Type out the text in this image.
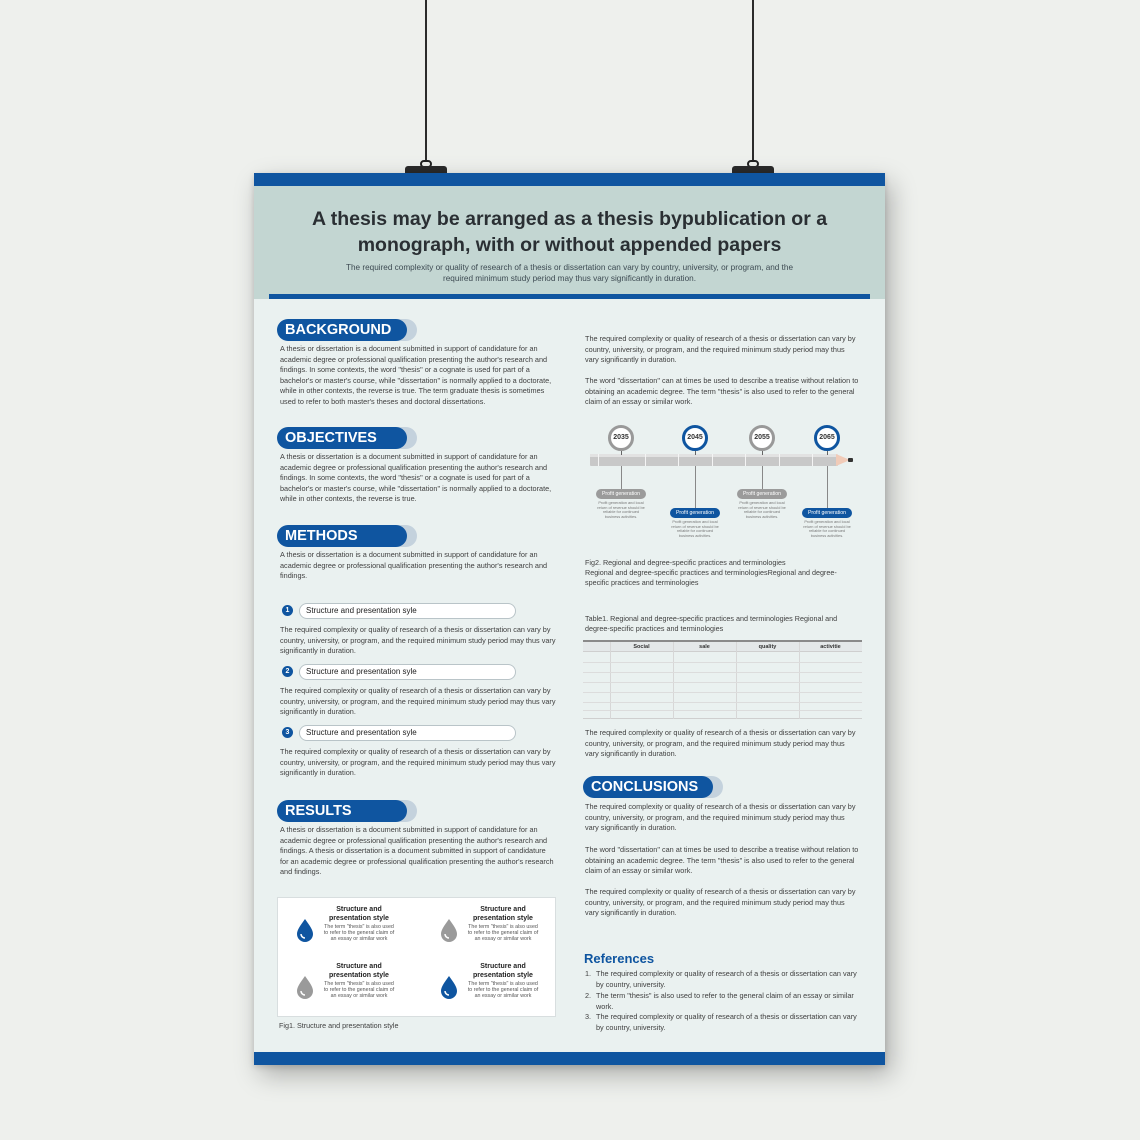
A thesis may be arranged as a thesis bypublication or a monograph, with or without appended papers
The required complexity or quality of research of a thesis or dissertation can vary by country, university, or program, and the required minimum study period may thus vary significantly in duration.
BACKGROUND
A thesis or dissertation is a document submitted in support of candidature for an academic degree or professional qualification presenting the author's research and findings. In some contexts, the word "thesis" or a cognate is used for part of a bachelor's or master's course, while "dissertation" is normally applied to a doctorate, while in other contexts, the reverse is true. The term graduate thesis is sometimes used to refer to both master's theses and doctoral dissertations.
OBJECTIVES
A thesis or dissertation is a document submitted in support of candidature for an academic degree or professional qualification presenting the author's research and findings. In some contexts, the word "thesis" or a cognate is used for part of a bachelor's or master's course, while "dissertation" is normally applied to a doctorate, while in other contexts, the reverse is true.
METHODS
A thesis or dissertation is a document submitted in support of candidature for an academic degree or professional qualification presenting the author's research and findings.
1	Structure and presentation syle
The required complexity or quality of research of a thesis or dissertation can vary by country, university, or program, and the required minimum study period may thus vary significantly in duration.
2	Structure and presentation syle
The required complexity or quality of research of a thesis or dissertation can vary by country, university, or program, and the required minimum study period may thus vary significantly in duration.
3	Structure and presentation syle
The required complexity or quality of research of a thesis or dissertation can vary by country, university, or program, and the required minimum study period may thus vary significantly in duration.
RESULTS
A thesis or dissertation is a document submitted in support of candidature for an academic degree or professional qualification presenting the author's research and findings. A thesis or dissertation is a document submitted in support of candidature for an academic degree or professional qualification presenting the author's research and findings.
Structure and presentation style
The term "thesis" is also used to refer to the general claim of an essay or similar work
Structure and presentation style
The term "thesis" is also used to refer to the general claim of an essay or similar work
Structure and presentation style
The term "thesis" is also used to refer to the general claim of an essay or similar work
Structure and presentation style
The term "thesis" is also used to refer to the general claim of an essay or similar work
Fig1. Structure and presentation style
The required complexity or quality of research of a thesis or dissertation can vary by country, university, or program, and the required minimum study period may thus vary significantly in duration.
The word "dissertation" can at times be used to describe a treatise without relation to obtaining an academic degree. The term "thesis" is also used to refer to the general claim of an essay or similar work.
2035
Profit generation
Profit generation and local return of revenue should be reliable for continued business activities.
2045
Profit generation
Profit generation and local return of revenue should be reliable for continued business activities.
2055
Profit generation
Profit generation and local return of revenue should be reliable for continued business activities.
2065
Profit generation
Profit generation and local return of revenue should be reliable for continued business activities.
Fig2. Regional and degree-specific practices and terminologies
Regional and degree-specific practices and terminologiesRegional and degree-specific practices and terminologies
Table1. Regional and degree-specific practices and terminologies Regional and degree-specific practices and terminologies
Social	sale	quality	activitie
The required complexity or quality of research of a thesis or dissertation can vary by country, university, or program, and the required minimum study period may thus vary significantly in duration.
CONCLUSIONS
The required complexity or quality of research of a thesis or dissertation can vary by country, university, or program, and the required minimum study period may thus vary significantly in duration.
The word "dissertation" can at times be used to describe a treatise without relation to obtaining an academic degree. The term "thesis" is also used to refer to the general claim of an essay or similar work.
The required complexity or quality of research of a thesis or dissertation can vary by country, university, or program, and the required minimum study period may thus vary significantly in duration.
References
1. The required complexity or quality of research of a thesis or dissertation can vary by country, university.
2. The term "thesis" is also used to refer to the general claim of an essay or similar work.
3. The required complexity or quality of research of a thesis or dissertation can vary by country, university.
